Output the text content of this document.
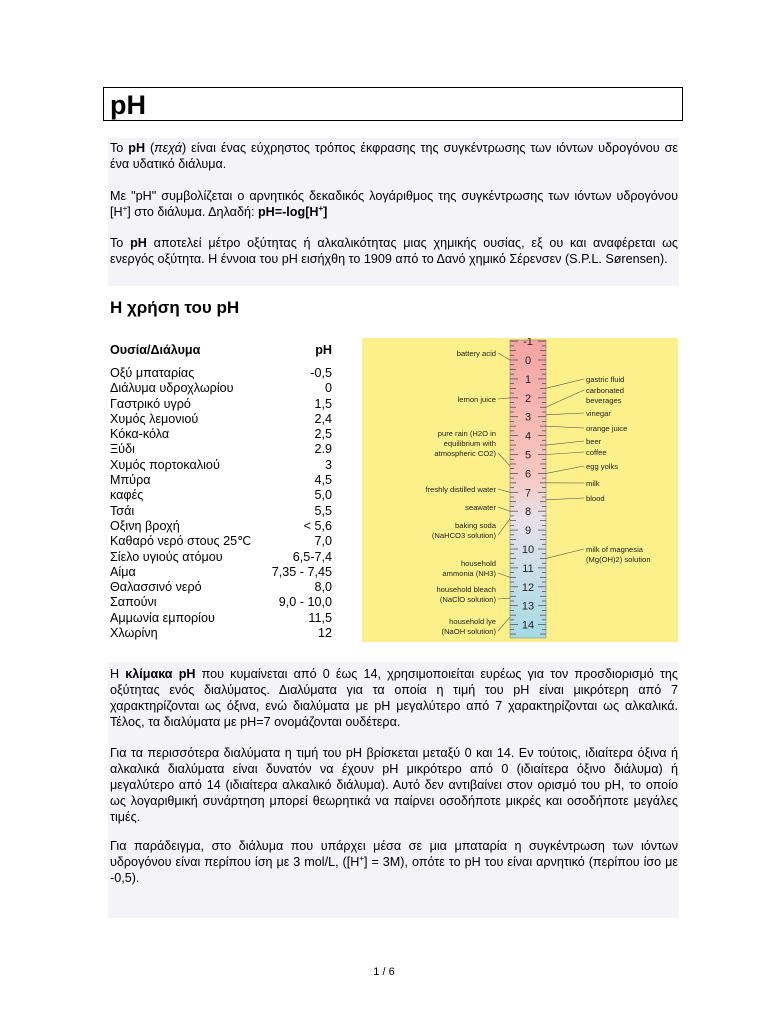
pH
Το pH (πεχά) είναι ένας εύχρηστος τρόπος έκφρασης της συγκέντρωσης των ιόντων υδρογόνου σε ένα υδατικό διάλυμα.
Με "pH" συμβολίζεται ο αρνητικός δεκαδικός λογάριθμος της συγκέντρωσης των ιόντων υδρογόνου [H+] στο διάλυμα. Δηλαδή: pH=-log[H+]
Το pH αποτελεί μέτρο οξύτητας ή αλκαλικότητας μιας χημικής ουσίας, εξ ου και αναφέρεται ως ενεργός οξύτητα. Η έννοια του pH εισήχθη το 1909 από το Δανό χημικό Σέρενσεν (S.P.L. Sørensen).
Η χρήση του pH
Ουσία/Διάλυμα	pH
Οξύ μπαταρίας	-0,5
Διάλυμα υδροχλωρίου	0
Γαστρικό υγρό	1,5
Χυμός λεμονιού	2,4
Κόκα-κόλα	2,5
Ξύδι	2.9
Χυμός πορτοκαλιού	3
Μπύρα	4,5
καφές	5,0
Τσάι	5,5
Οξινη βροχή	< 5,6
Καθαρό νερό στους 25℃	7,0
Σίελο υγιούς ατόμου	6,5-7,4
Αίμα	7,35 - 7,45
Θαλασσινό νερό	8,0
Σαπούνι	9,0 - 10,0
Αμμωνία εμπορίου	11,5
Χλωρίνη	12
-1
0
1
2
3
4
5
6
7
8
9
10
11
12
13
14
battery acid
lemon juice
pure rain (H2O in
equilibrium with
atmospheric CO2)
freshly distilled water
seawater
baking soda
(NaHCO3 solution)
household
ammonia (NH3)
household bleach
(NaClO solution)
household lye
(NaOH solution)
gastric fluid
carbonated
beverages
vinegar
orange juice
beer
coffee
egg yolks
milk
blood
milk of magnesia
(Mg(OH)2) solution
Η κλίμακα pH που κυμαίνεται από 0 έως 14, χρησιμοποιείται ευρέως για τον προσδιορισμό της οξύτητας ενός διαλύματος. Διαλύματα για τα οποία η τιμή του pH είναι μικρότερη από 7 χαρακτηρίζονται ως όξινα, ενώ διαλύματα με pH μεγαλύτερο από 7 χαρακτηρίζονται ως αλκαλικά. Τέλος, τα διαλύματα με pH=7 ονομάζονται ουδέτερα.
Για τα περισσότερα διαλύματα η τιμή του pH βρίσκεται μεταξύ 0 και 14. Εν τούτοις, ιδιαίτερα όξινα ή αλκαλικά διαλύματα είναι δυνατόν να έχουν pH μικρότερο από 0 (ιδιαίτερα όξινο διάλυμα) ή μεγαλύτερο από 14 (ιδιαίτερα αλκαλικό διάλυμα). Αυτό δεν αντιβαίνει στον ορισμό του pH, το οποίο ως λογαριθμική συνάρτηση μπορεί θεωρητικά να παίρνει οσοδήποτε μικρές και οσοδήποτε μεγάλες τιμές.
Για παράδειγμα, στο διάλυμα που υπάρχει μέσα σε μια μπαταρία η συγκέντρωση των ιόντων υδρογόνου είναι περίπου ίση με 3 mol/L, ([H+] = 3M), οπότε το pH του είναι αρνητικό (περίπου ίσο με -0,5).
1 / 6
